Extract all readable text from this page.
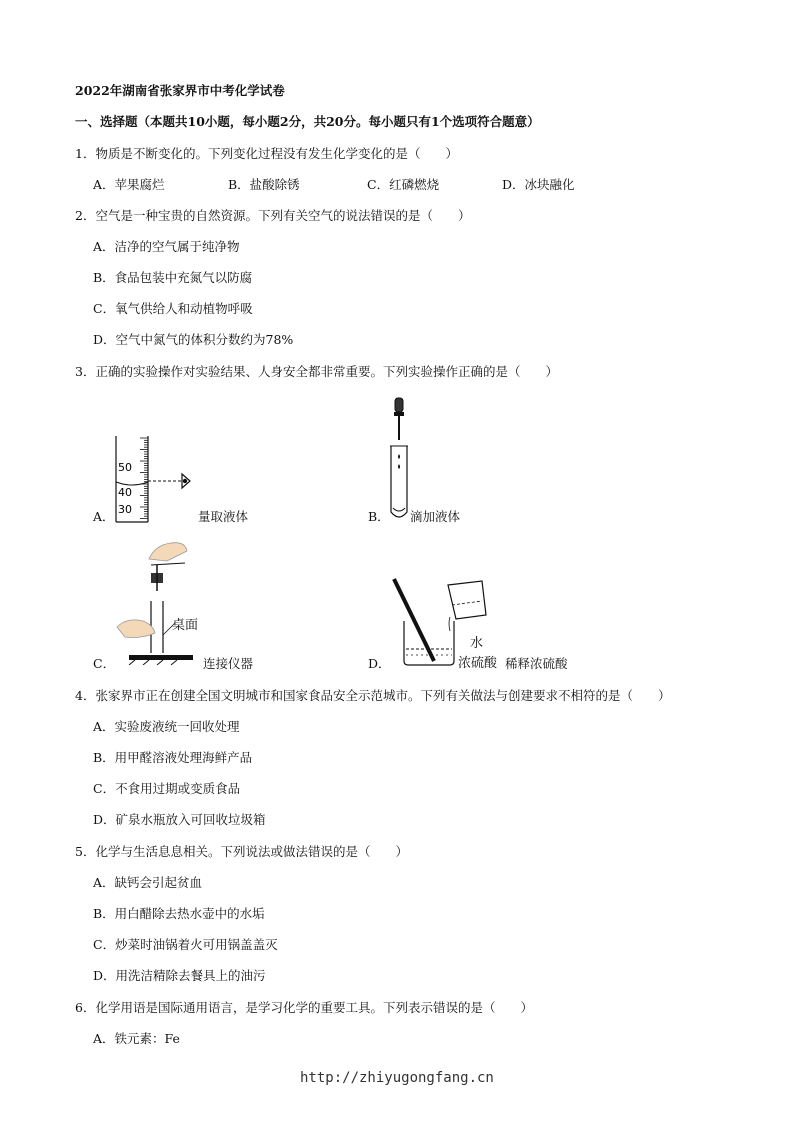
2022年湖南省张家界市中考化学试卷
一、选择题（本题共10小题，每小题2分，共20分。每小题只有1个选项符合题意）
1．物质是不断变化的。下列变化过程没有发生化学变化的是（　　）
A．苹果腐烂	B．盐酸除锈	C．红磷燃烧	D．冰块融化
2．空气是一种宝贵的自然资源。下列有关空气的说法错误的是（　　）
A．洁净的空气属于纯净物
B．食品包装中充氮气以防腐
C．氧气供给人和动植物呼吸
D．空气中氮气的体积分数约为78%
3．正确的实验操作对实验结果、人身安全都非常重要。下列实验操作正确的是（　　）
A．
50
40
30	量取液体	B． 滴加液体
C．
桌面
连接仪器	D．
水
浓硫酸 稀释浓硫酸
4．张家界市正在创建全国文明城市和国家食品安全示范城市。下列有关做法与创建要求不相符的是（　　）
A．实验废液统一回收处理
B．用甲醛溶液处理海鲜产品
C．不食用过期或变质食品
D．矿泉水瓶放入可回收垃圾箱
5．化学与生活息息相关。下列说法或做法错误的是（　　）
A．缺钙会引起贫血
B．用白醋除去热水壶中的水垢
C．炒菜时油锅着火可用锅盖盖灭
D．用洗洁精除去餐具上的油污
6．化学用语是国际通用语言，是学习化学的重要工具。下列表示错误的是（　　）
A．铁元素：Fe
http://zhiyugongfang.cn
